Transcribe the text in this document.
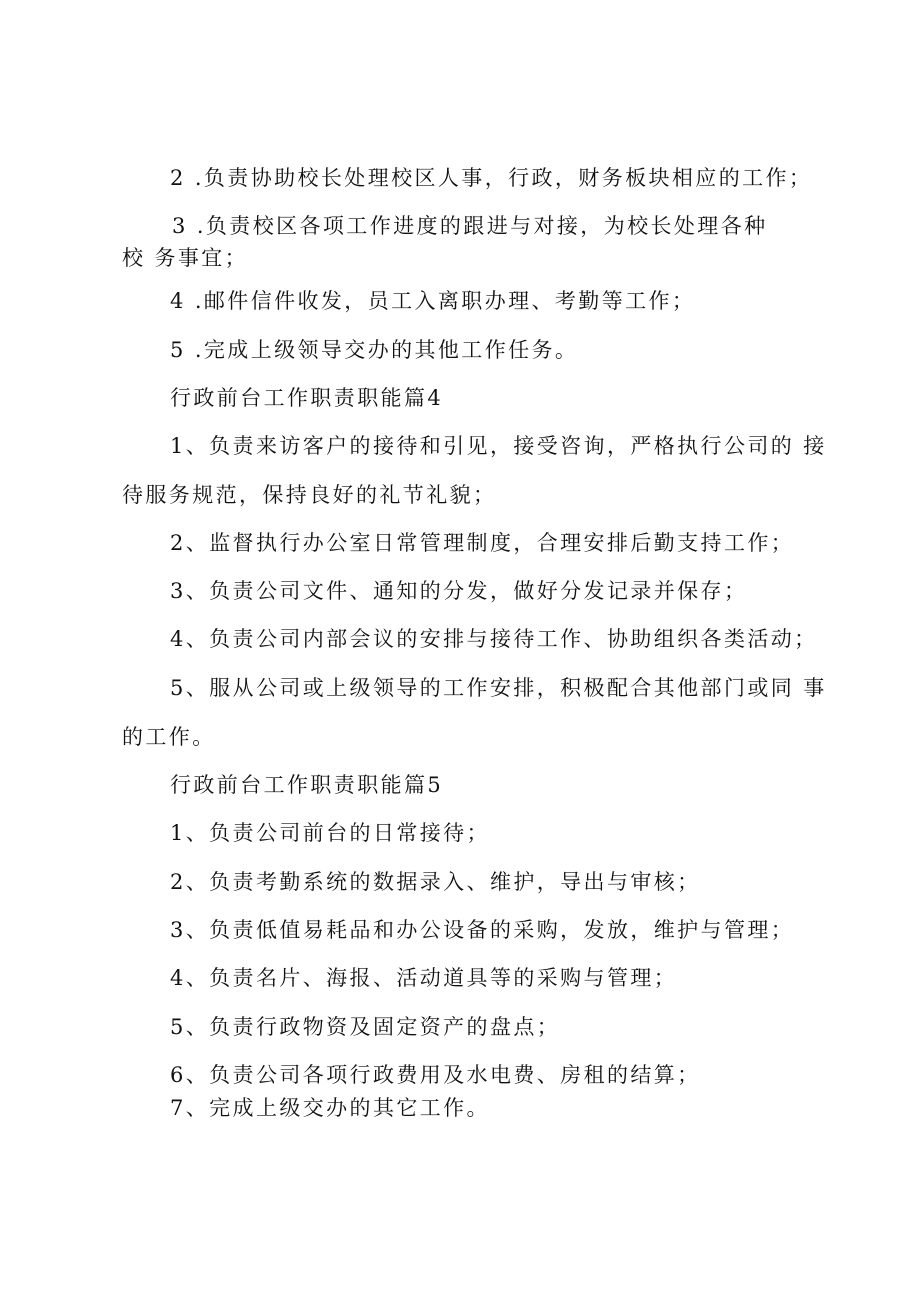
2 .负责协助校长处理校区人事，行政，财务板块相应的工作；
3 .负责校区各项工作进度的跟进与对接，为校长处理各种
校 务事宜；
4 .邮件信件收发，员工入离职办理、考勤等工作；
5 .完成上级领导交办的其他工作任务。
行政前台工作职责职能篇4
1、负责来访客户的接待和引见，接受咨询，严格执行公司的 接
待服务规范，保持良好的礼节礼貌；
2、监督执行办公室日常管理制度，合理安排后勤支持工作；
3、负责公司文件、通知的分发，做好分发记录并保存；
4、负责公司内部会议的安排与接待工作、协助组织各类活动；
5、服从公司或上级领导的工作安排，积极配合其他部门或同 事
的工作。
行政前台工作职责职能篇5
1、负责公司前台的日常接待；
2、负责考勤系统的数据录入、维护，导出与审核；
3、负责低值易耗品和办公设备的采购，发放，维护与管理；
4、负责名片、海报、活动道具等的采购与管理；
5、负责行政物资及固定资产的盘点；
6、负责公司各项行政费用及水电费、房租的结算；
7、完成上级交办的其它工作。
